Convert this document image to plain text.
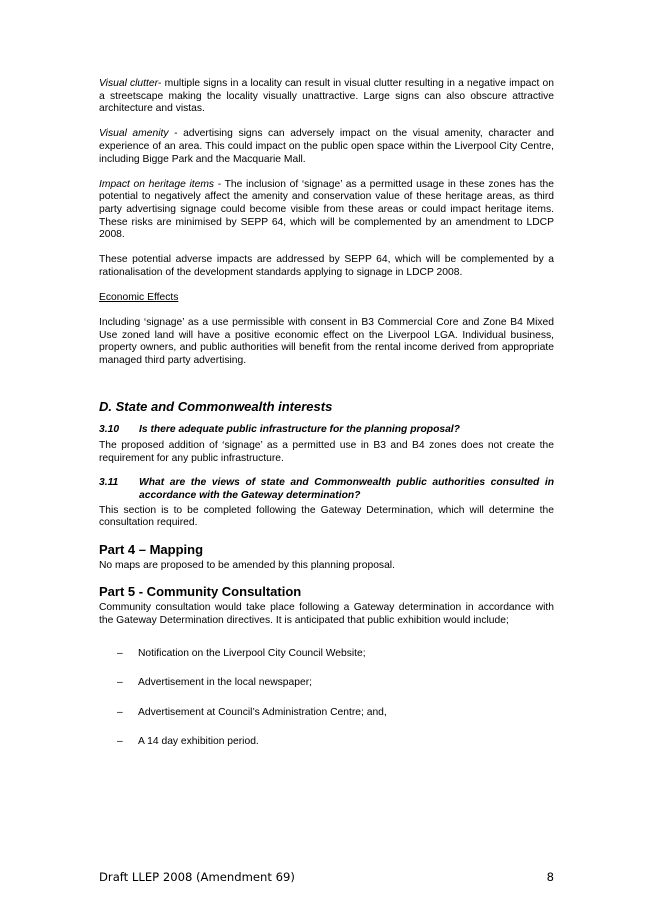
Visual clutter- multiple signs in a locality can result in visual clutter resulting in a negative impact on a streetscape making the locality visually unattractive. Large signs can also obscure attractive architecture and vistas.

Visual amenity - advertising signs can adversely impact on the visual amenity, character and experience of an area. This could impact on the public open space within the Liverpool City Centre, including Bigge Park and the Macquarie Mall.

Impact on heritage items - The inclusion of ‘signage’ as a permitted usage in these zones has the potential to negatively affect the amenity and conservation value of these heritage areas, as third party advertising signage could become visible from these areas or could impact heritage items. These risks are minimised by SEPP 64, which will be complemented by an amendment to LDCP 2008.

These potential adverse impacts are addressed by SEPP 64, which will be complemented by a rationalisation of the development standards applying to signage in LDCP 2008.

Economic Effects

Including ‘signage’ as a use permissible with consent in B3 Commercial Core and Zone B4 Mixed Use zoned land will have a positive economic effect on the Liverpool LGA. Individual business, property owners, and public authorities will benefit from the rental income derived from appropriate managed third party advertising.

D. State and Commonwealth interests
3.10	Is there adequate public infrastructure for the planning proposal?

The proposed addition of ‘signage’ as a permitted use in B3 and B4 zones does not create the requirement for any public infrastructure.

3.11	What are the views of state and Commonwealth public authorities consulted in accordance with the Gateway determination?

This section is to be completed following the Gateway Determination, which will determine the consultation required.

Part 4 – Mapping

No maps are proposed to be amended by this planning proposal.

Part 5 - Community Consultation

Community consultation would take place following a Gateway determination in accordance with the Gateway Determination directives. It is anticipated that public exhibition would include;

–	Notification on the Liverpool City Council Website;
–	Advertisement in the local newspaper;
–	Advertisement at Council’s Administration Centre; and,
–	A 14 day exhibition period.
Draft LLEP 2008 (Amendment 69)	8
